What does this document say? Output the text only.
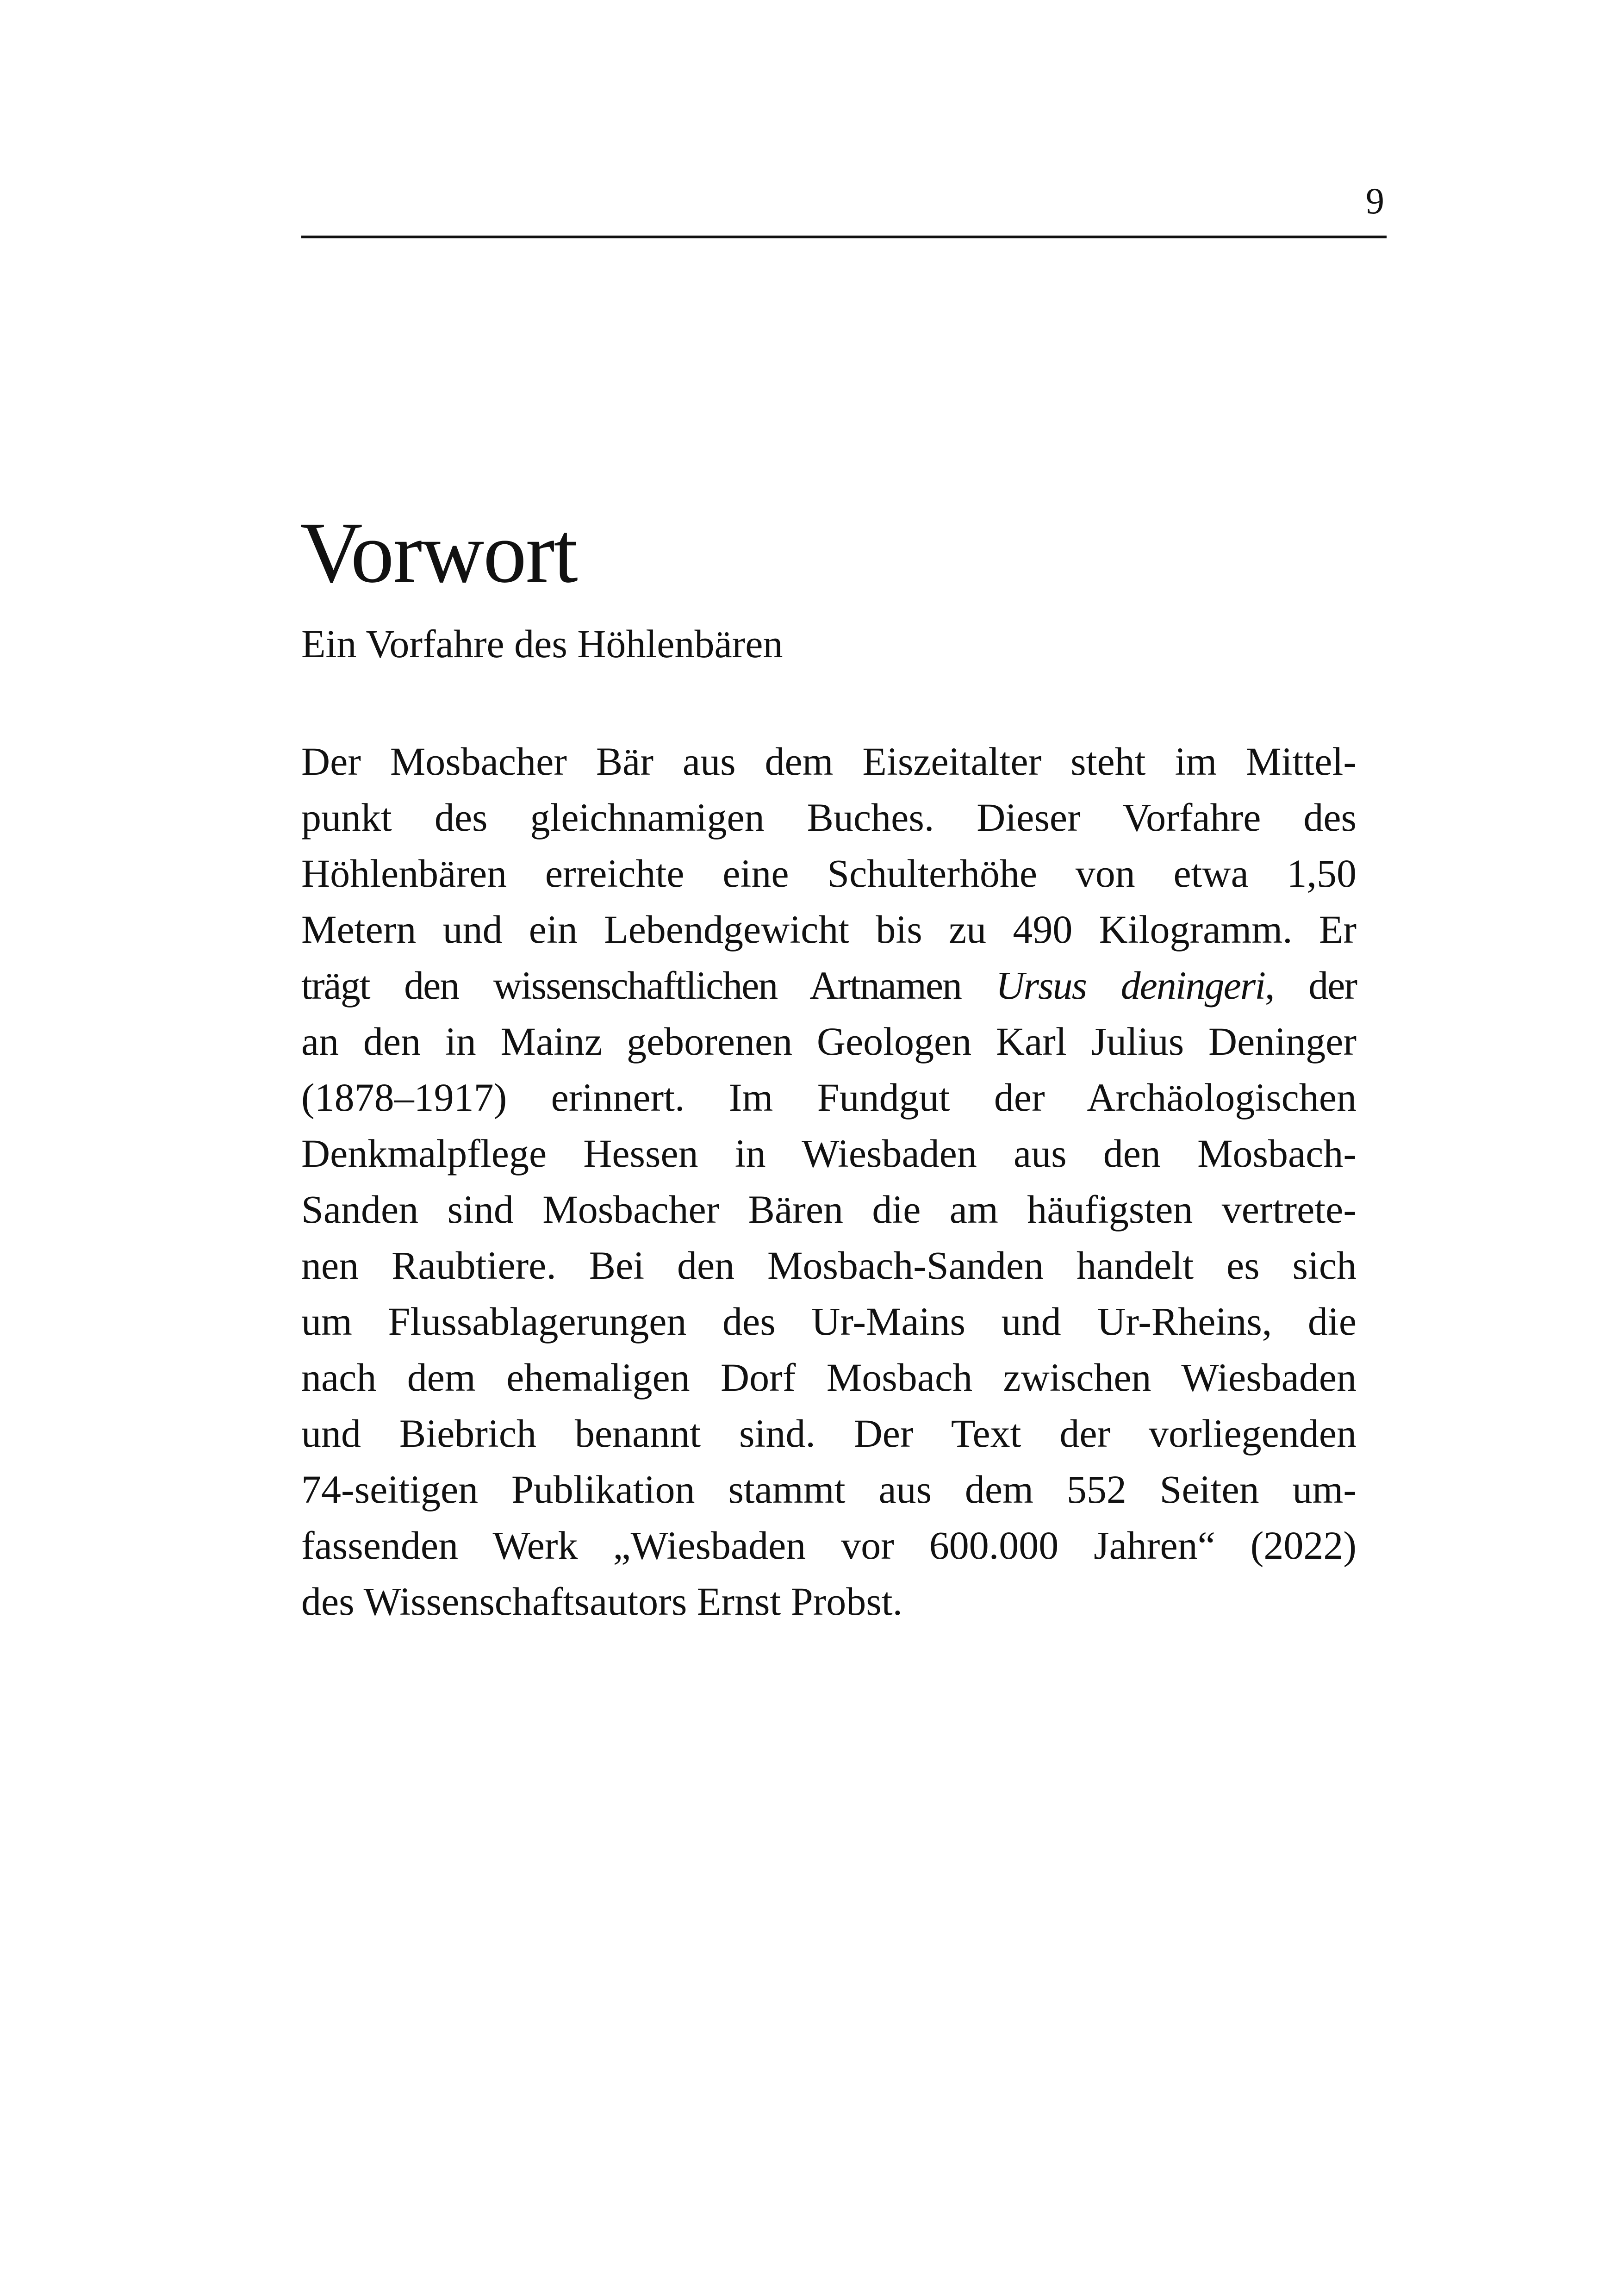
9
Vorwort

Ein Vorfahre des Höhlenbären

Der Mosbacher Bär aus dem Eiszeitalter steht im Mittel-
punkt des gleichnamigen Buches. Dieser Vorfahre des
Höhlenbären erreichte eine Schulterhöhe von etwa 1,50
Metern und ein Lebendgewicht bis zu 490 Kilogramm. Er
trägt den wissenschaftlichen Artnamen Ursus deningeri, der
an den in Mainz geborenen Geologen Karl Julius Deninger
(1878–1917) erinnert. Im Fundgut der Archäologischen
Denkmalpflege Hessen in Wiesbaden aus den Mosbach-
Sanden sind Mosbacher Bären die am häufigsten vertrete-
nen Raubtiere. Bei den Mosbach-Sanden handelt es sich
um Flussablagerungen des Ur-Mains und Ur-Rheins, die
nach dem ehemaligen Dorf Mosbach zwischen Wiesbaden
und Biebrich benannt sind. Der Text der vorliegenden
74-seitigen Publikation stammt aus dem 552 Seiten um-
fassenden Werk „Wiesbaden vor 600.000 Jahren“ (2022)
des Wissenschaftsautors Ernst Probst.
